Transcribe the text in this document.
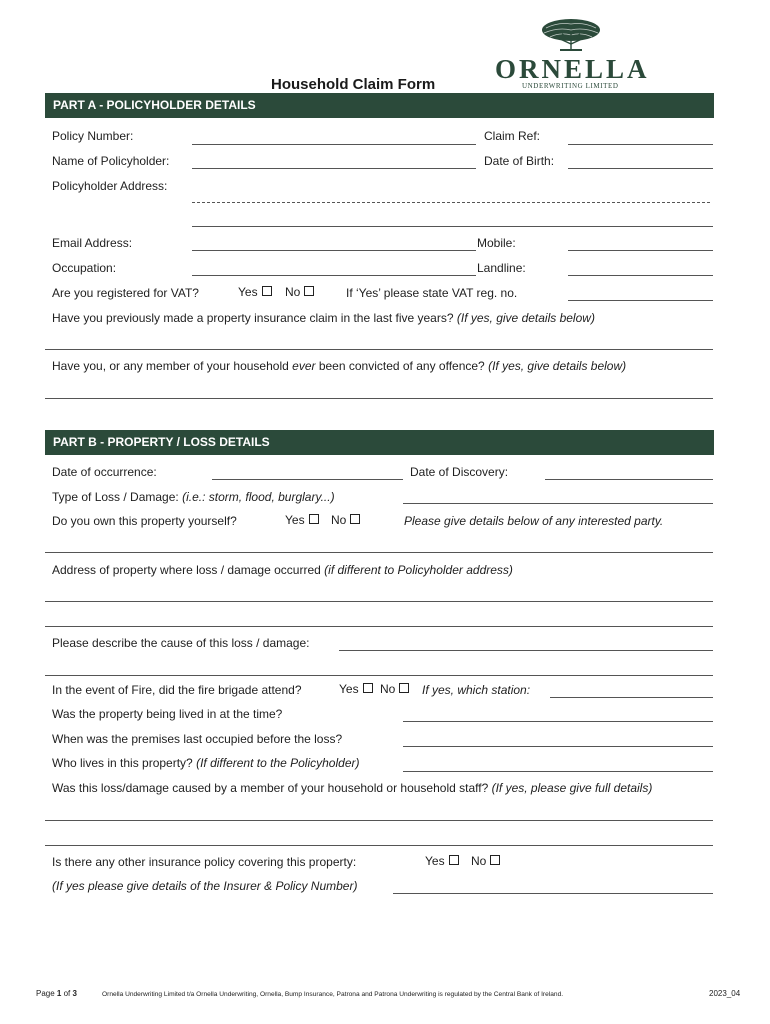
ORNELLA
UNDERWRITING LIMITED
Household Claim Form
PART A - POLICYHOLDER DETAILS
Policy Number:	Claim Ref:
Name of Policyholder:	Date of Birth:
Policyholder Address:
Email Address:	Mobile:
Occupation:	Landline:
Are you registered for VAT?	Yes	No	If ‘Yes’ please state VAT reg. no.
Have you previously made a property insurance claim in the last five years? (If yes, give details below)
Have you, or any member of your household ever been convicted of any offence? (If yes, give details below)
PART B - PROPERTY / LOSS DETAILS
Date of occurrence:	Date of Discovery:
Type of Loss / Damage: (i.e.: storm, flood, burglary...)
Do you own this property yourself?	Yes	No	Please give details below of any interested party.
Address of property where loss / damage occurred (if different to Policyholder address)
Please describe the cause of this loss / damage:
In the event of Fire, did the fire brigade attend?	Yes	No	If yes, which station:
Was the property being lived in at the time?
When was the premises last occupied before the loss?
Who lives in this property? (If different to the Policyholder)
Was this loss/damage caused by a member of your household or household staff? (If yes, please give full details)
Is there any other insurance policy covering this property:	Yes	No
(If yes please give details of the Insurer & Policy Number)
Page 1 of 3	Ornella Underwriting Limited t/a Ornella Underwriting, Ornella, Bump Insurance, Patrona and Patrona Underwriting is regulated by the Central Bank of Ireland.	2023_04
